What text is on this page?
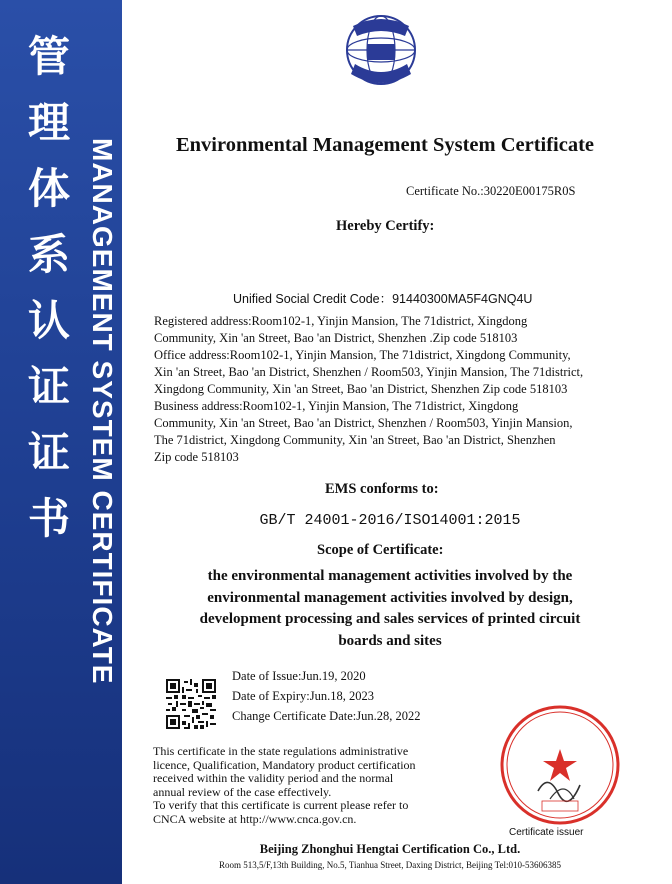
管
理
体
系
认
证
证
书 MANAGEMENT SYSTEM CERTIFICATE	Environmental Management System Certificate
Certificate No.:30220E00175R0S
Hereby Certify:
Unified Social Credit Code：91440300MA5F4GNQ4U
Registered address:Room102-1, Yinjin Mansion, The 71district, Xingdong
Community, Xin 'an Street, Bao 'an District, Shenzhen .Zip code 518103
Office address:Room102-1, Yinjin Mansion, The 71district, Xingdong Community,
Xin 'an Street, Bao 'an District, Shenzhen / Room503, Yinjin Mansion, The 71district,
Xingdong Community, Xin 'an Street, Bao 'an District, Shenzhen Zip code 518103
Business address:Room102-1, Yinjin Mansion, The 71district, Xingdong
Community, Xin 'an Street, Bao 'an District, Shenzhen / Room503, Yinjin Mansion,
The 71district, Xingdong Community, Xin 'an Street, Bao 'an District, Shenzhen
Zip code 518103
EMS conforms to:
GB/T 24001-2016/ISO14001:2015
Scope of Certificate:
the environmental management activities involved by the
environmental management activities involved by design,
development processing and sales services of printed circuit
boards and sites
Date of Issue:Jun.19, 2020
Date of Expiry:Jun.18, 2023
Change Certificate Date:Jun.28, 2022
This certificate in the state regulations administrative
licence, Qualification, Mandatory product certification
received within the validity period and the normal
annual review of the case effectively.
To verify that this certificate is current please refer to
CNCA website at http://www.cnca.gov.cn.
Certificate issuer
Beijing Zhonghui Hengtai Certification Co., Ltd.
Room 513,5/F,13th Building, No.5, Tianhua Street, Daxing District, Beijing Tel:010-53606385
